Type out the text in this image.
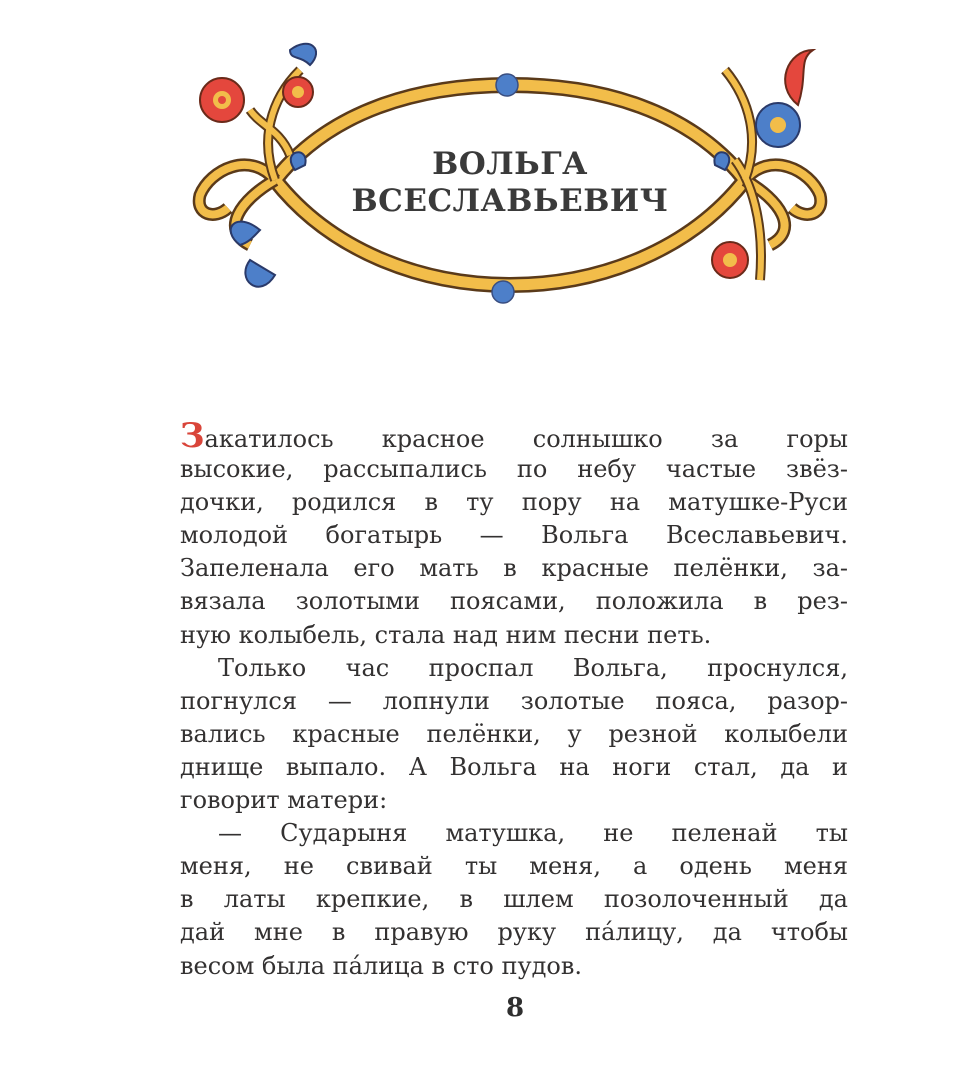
ВОЛЬГА
ВСЕСЛАВЬЕВИЧ

Закатилось красное солнышко за горы
высокие, рассыпались по небу частые звёз-
дочки, родился в ту пору на матушке-Руси
молодой богатырь — Вольга Всеславьевич.
Запеленала его мать в красные пелёнки, за-
вязала золотыми поясами, положила в рез-
ную колыбель, стала над ним песни петь.

Только час проспал Вольга, проснулся,
погнулся — лопнули золотые пояса, разор-
вались красные пелёнки, у резной колыбели
днище выпало. А Вольга на ноги стал, да и
говорит матери:

— Сударыня матушка, не пеленай ты
меня, не свивай ты меня, а одень меня
в латы крепкие, в шлем позолоченный да
дай мне в правую руку пáлицу, да чтобы
весом была пáлица в сто пудов.

8
